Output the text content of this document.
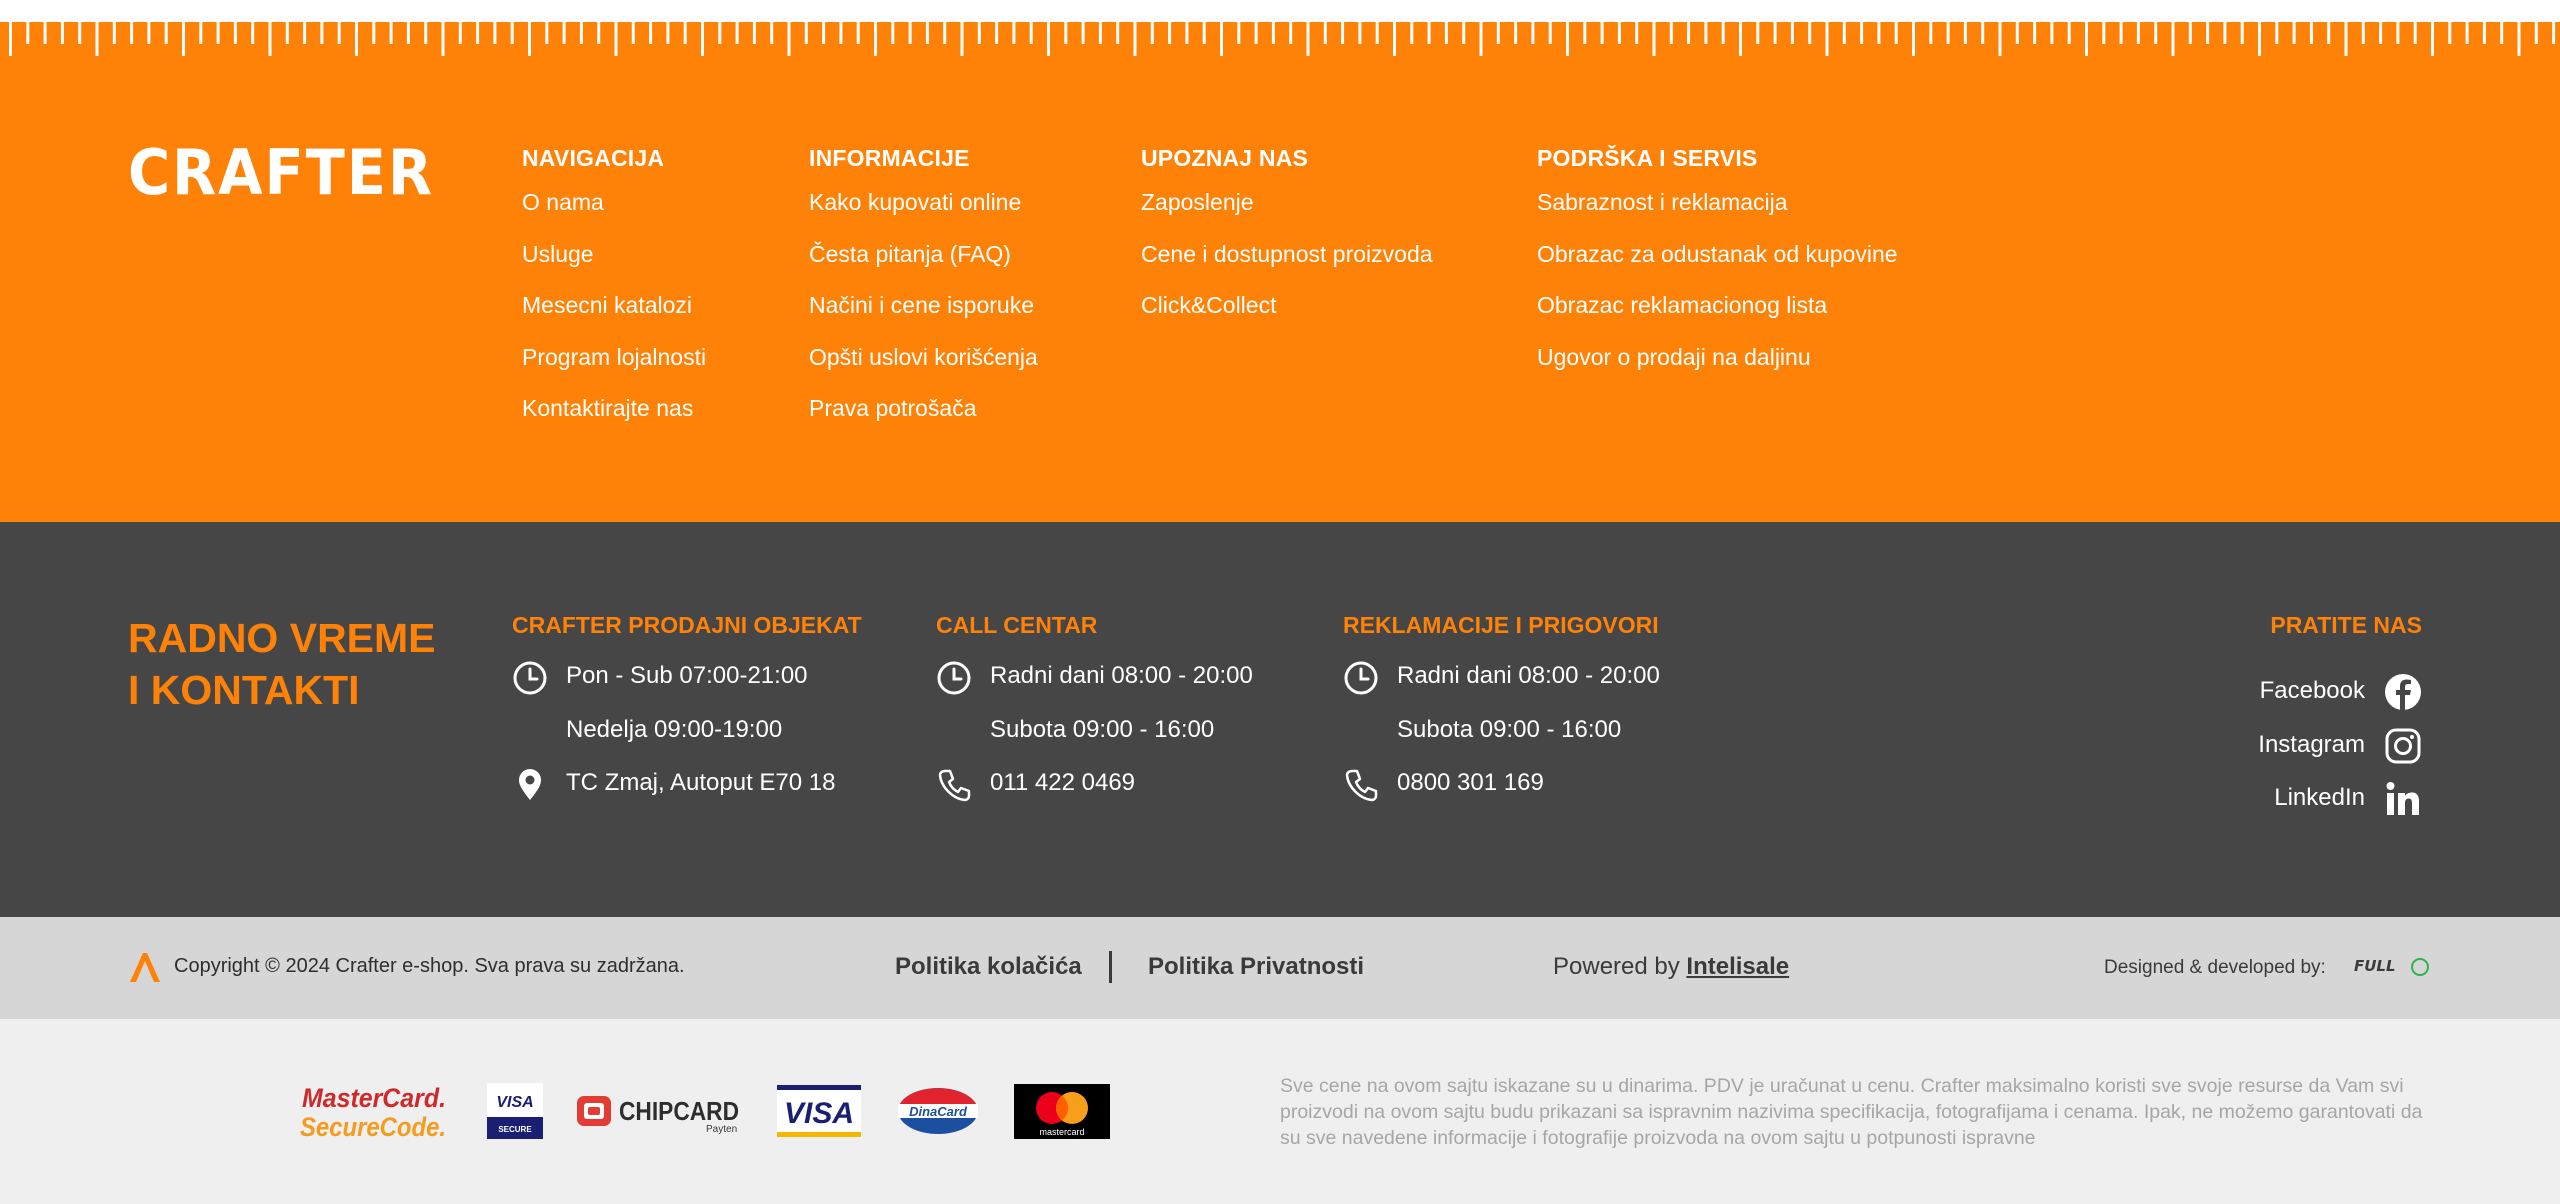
CRAFTER	NAVIGACIJA
O nama
Usluge
Mesecni katalozi
Program lojalnosti
Kontaktirajte nas
INFORMACIJE
Kako kupovati online
Česta pitanja (FAQ)
Načini i cene isporuke
Opšti uslovi korišćenja
Prava potrošača
UPOZNAJ NAS
Zaposlenje
Cene i dostupnost proizvoda
Click&Collect
PODRŠKA I SERVIS
Sabraznost i reklamacija
Obrazac za odustanak od kupovine
Obrazac reklamacionog lista
Ugovor o prodaji na daljinu
RADNO VREME
I KONTAKTI
CRAFTER PRODAJNI OBJEKAT
Pon - Sub 07:00-21:00
Nedelja 09:00-19:00
TC Zmaj, Autoput E70 18
CALL CENTAR
Radni dani 08:00 - 20:00
Subota 09:00 - 16:00
011 422 0469
REKLAMACIJE I PRIGOVORI
Radni dani 08:00 - 20:00
Subota 09:00 - 16:00
0800 301 169
PRATITE NAS
Facebook
Instagram
LinkedIn
Copyright © 2024 Crafter e-shop. Sva prava su zadržana.	Politika kolačića	Politika Privatnosti	Powered by Intelisale	Designed & developed by: FULL
MasterCard.
SecureCode.
VISA
SECURE
CHIPCARD
Payten VISA	DinaCard
mastercard
Sve cene na ovom sajtu iskazane su u dinarima. PDV je uračunat u cenu. Crafter maksimalno koristi sve svoje resurse da Vam svi proizvodi na ovom sajtu budu prikazani sa ispravnim nazivima specifikacija, fotografijama i cenama. Ipak, ne možemo garantovati da su sve navedene informacije i fotografije proizvoda na ovom sajtu u potpunosti ispravne
